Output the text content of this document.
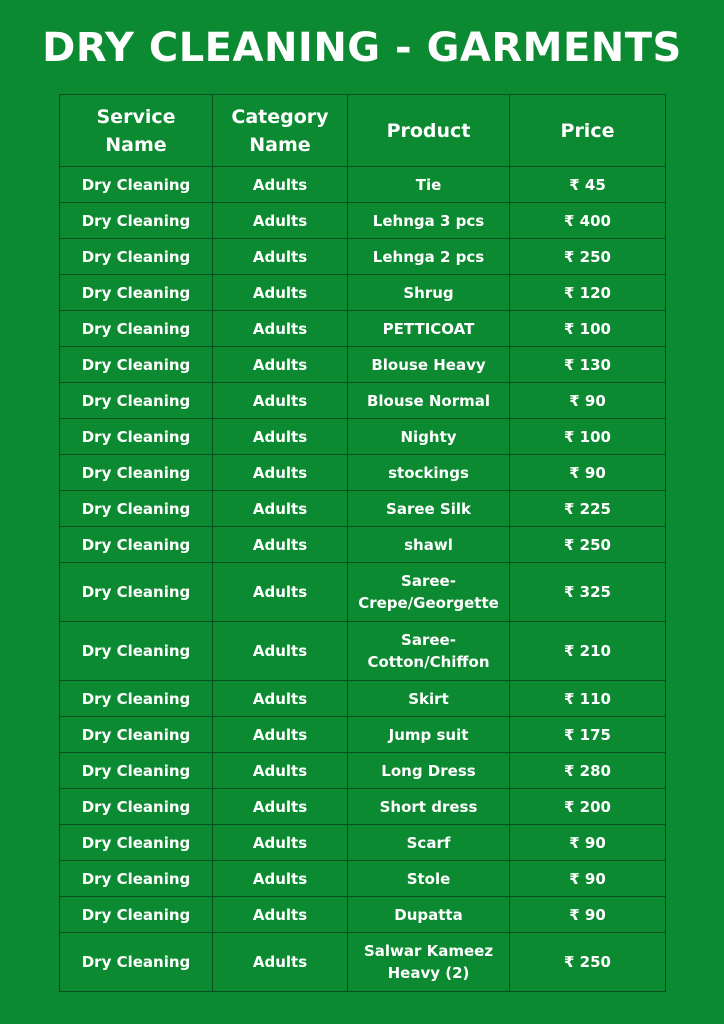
DRY CLEANING - GARMENTS
Service Name	Category Name	Product	Price
Dry Cleaning	Adults	Tie	₹ 45
Dry Cleaning	Adults	Lehnga 3 pcs	₹ 400
Dry Cleaning	Adults	Lehnga 2 pcs	₹ 250
Dry Cleaning	Adults	Shrug	₹ 120
Dry Cleaning	Adults	PETTICOAT	₹ 100
Dry Cleaning	Adults	Blouse Heavy	₹ 130
Dry Cleaning	Adults	Blouse Normal	₹ 90
Dry Cleaning	Adults	Nighty	₹ 100
Dry Cleaning	Adults	stockings	₹ 90
Dry Cleaning	Adults	Saree Silk	₹ 225
Dry Cleaning	Adults	shawl	₹ 250
Dry Cleaning	Adults	Saree-Crepe/Georgette	₹ 325
Dry Cleaning	Adults	Saree-Cotton/Chiffon	₹ 210
Dry Cleaning	Adults	Skirt	₹ 110
Dry Cleaning	Adults	Jump suit	₹ 175
Dry Cleaning	Adults	Long Dress	₹ 280
Dry Cleaning	Adults	Short dress	₹ 200
Dry Cleaning	Adults	Scarf	₹ 90
Dry Cleaning	Adults	Stole	₹ 90
Dry Cleaning	Adults	Dupatta	₹ 90
Dry Cleaning	Adults	Salwar Kameez Heavy (2)	₹ 250
